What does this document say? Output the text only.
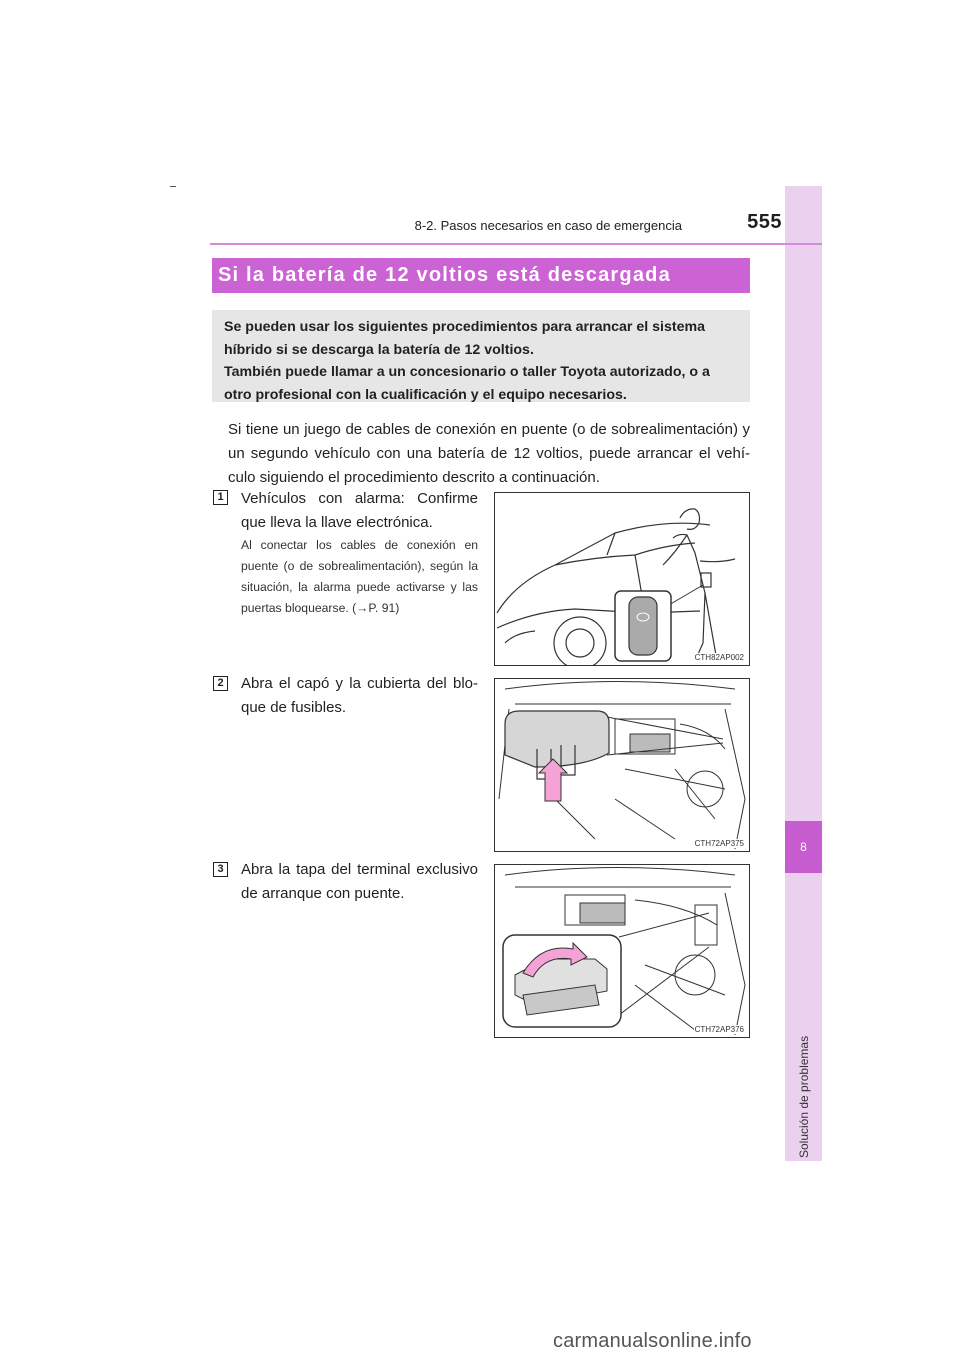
8
Solución de problemas
8-2. Pasos necesarios en caso de emergencia	555
Si la batería de 12 voltios está descargada

Se pueden usar los siguientes procedimientos para arrancar el sistema híbrido si se descarga la batería de 12 voltios.

También puede llamar a un concesionario o taller Toyota autorizado, o a otro profesional con la cualificación y el equipo necesarios.

Si tiene un juego de cables de conexión en puente (o de sobrealimentación) y un segundo vehículo con una batería de 12 voltios, puede arrancar el vehí-culo siguiendo el procedimiento descrito a continuación.

1 Vehículos con alarma: Confirme que lleva la llave electrónica.

Al conectar los cables de conexión en puente (o de sobrealimentación), según la situación, la alarma puede activarse y las puertas bloquearse. (→P. 91)

CTH82AP002
2 Abra el capó y la cubierta del blo-que de fusibles.

CTH72AP375
3 Abra la tapa del terminal exclusivo de arranque con puente.

CTH72AP376
carmanualsonline.info
